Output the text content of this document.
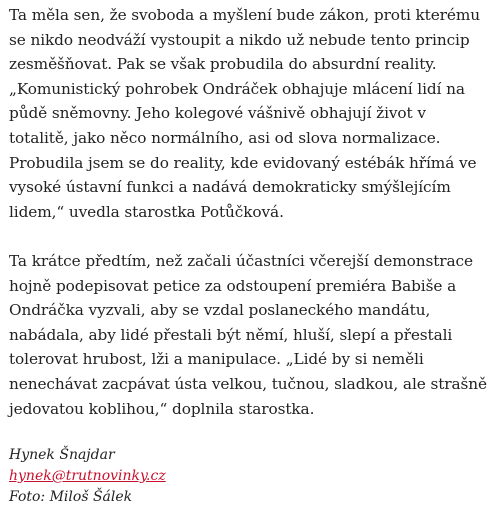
Ta měla sen, že svoboda a myšlení bude zákon, proti kterému se nikdo neodváží vystoupit a nikdo už nebude tento princip zesměšňovat. Pak se však probudila do absurdní reality. „Komunistický pohrobek Ondráček obhajuje mlácení lidí na půdě sněmovny. Jeho kolegové vášnivě obhajují život v totalitě, jako něco normálního, asi od slova normalizace. Probudila jsem se do reality, kde evidovaný estébák hřímá ve vysoké ústavní funkci a nadává demokraticky smýšlejícím lidem,“ uvedla starostka Potůčková.

Ta krátce předtím, než začali účastníci včerejší demonstrace hojně podepisovat petice za odstoupení premiéra Babiše a Ondráčka vyzvali, aby se vzdal poslaneckého mandátu, nabádala, aby lidé přestali být němí, hluší, slepí a přestali tolerovat hrubost, lži a manipulace. „Lidé by si neměli nenechávat zacpávat ústa velkou, tučnou, sladkou, ale strašně jedovatou koblihou,“ doplnila starostka.

Hynek Šnajdar
hynek@trutnovinky.cz
Foto: Miloš Šálek
